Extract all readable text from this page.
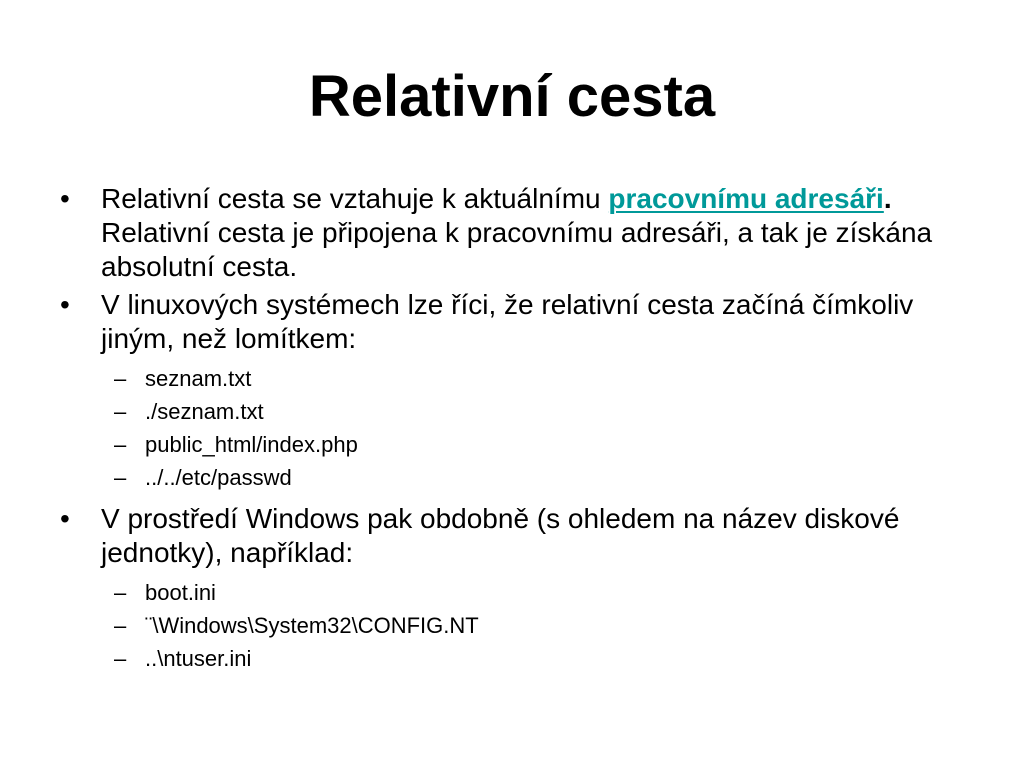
Relativní cesta
•	Relativní cesta se vztahuje k aktuálnímu pracovnímu adresáři. Relativní cesta je připojena k pracovnímu adresáři, a tak je získána absolutní cesta.
•	V linuxových systémech lze říci, že relativní cesta začíná čímkoliv jiným, než lomítkem:
– seznam.txt
– ./seznam.txt
– public_html/index.php
– ../../etc/passwd
•	V prostředí Windows pak obdobně (s ohledem na název diskové jednotky), například:
– boot.ini
– ¨\Windows\System32\CONFIG.NT
– ..\ntuser.ini
